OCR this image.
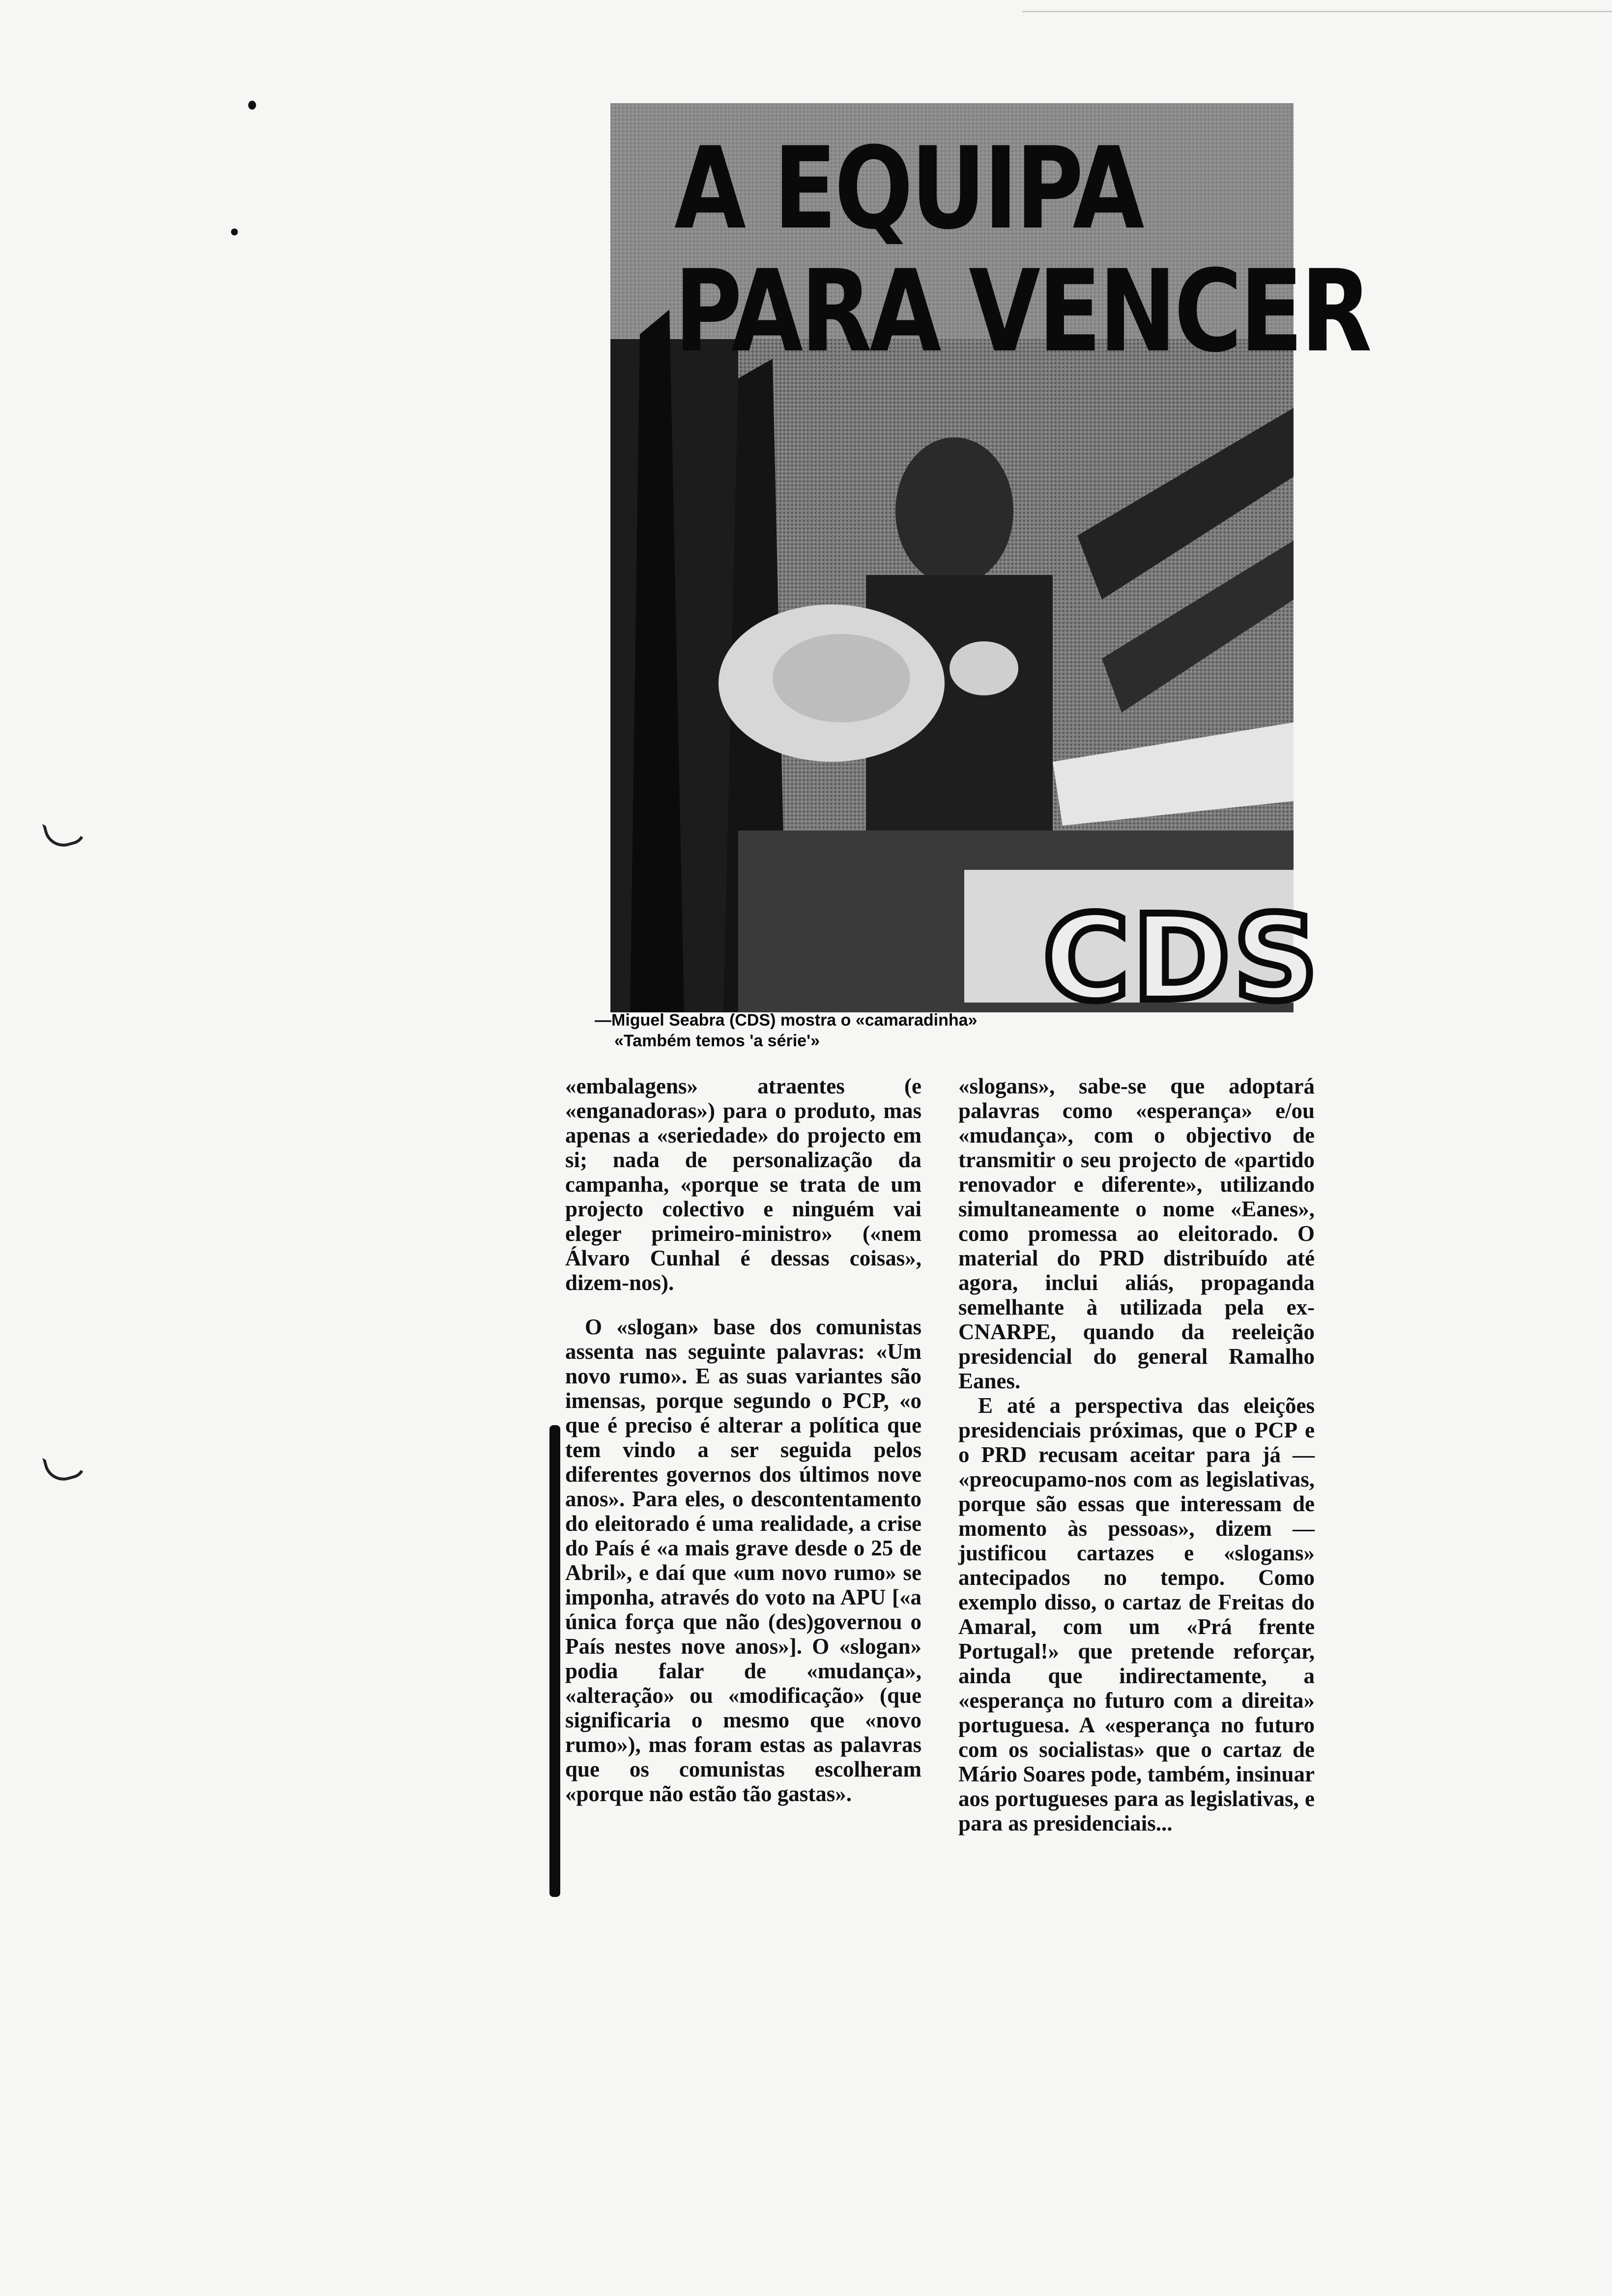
A EQUIPA
PARA VENCER
CDS

—Miguel Seabra (CDS) mostra o «camaradinha»

«Também temos 'a série'»

«embalagens» atraentes (e «enganadoras») para o produto, mas apenas a «seriedade» do projecto em si; nada de personalização da campanha, «porque se trata de um projecto colectivo e ninguém vai eleger primeiro-ministro» («nem Álvaro Cunhal é dessas coisas», dizem-nos).

O «slogan» base dos comunistas assenta nas seguinte palavras: «Um novo rumo». E as suas variantes são imensas, porque segundo o PCP, «o que é preciso é alterar a política que tem vindo a ser seguida pelos diferentes governos dos últimos nove anos». Para eles, o descontentamento do eleitorado é uma realidade, a crise do País é «a mais grave desde o 25 de Abril», e daí que «um novo rumo» se imponha, através do voto na APU [«a única força que não (des)governou o País nestes nove anos»]. O «slogan» podia falar de «mudança», «alteração» ou «modificação» (que significaria o mesmo que «novo rumo»), mas foram estas as palavras que os comunistas escolheram «porque não estão tão gastas».

«slogans», sabe-se que adoptará palavras como «esperança» e/ou «mudança», com o objectivo de transmitir o seu projecto de «partido renovador e diferente», utilizando simultaneamente o nome «Eanes», como promessa ao eleitorado. O material do PRD distribuído até agora, inclui aliás, propaganda semelhante à utilizada pela ex-CNARPE, quando da reeleição presidencial do general Ramalho Eanes.

E até a perspectiva das eleições presidenciais próximas, que o PCP e o PRD recusam aceitar para já — «preocupamo-nos com as legislativas, porque são essas que interessam de momento às pessoas», dizem — justificou cartazes e «slogans» antecipados no tempo. Como exemplo disso, o cartaz de Freitas do Amaral, com um «Prá frente Portugal!» que pretende reforçar, ainda que indirectamente, a «esperança no futuro com a direita» portuguesa. A «esperança no futuro com os socialistas» que o cartaz de Mário Soares pode, também, insinuar aos portugueses para as legislativas, e para as presidenciais...
